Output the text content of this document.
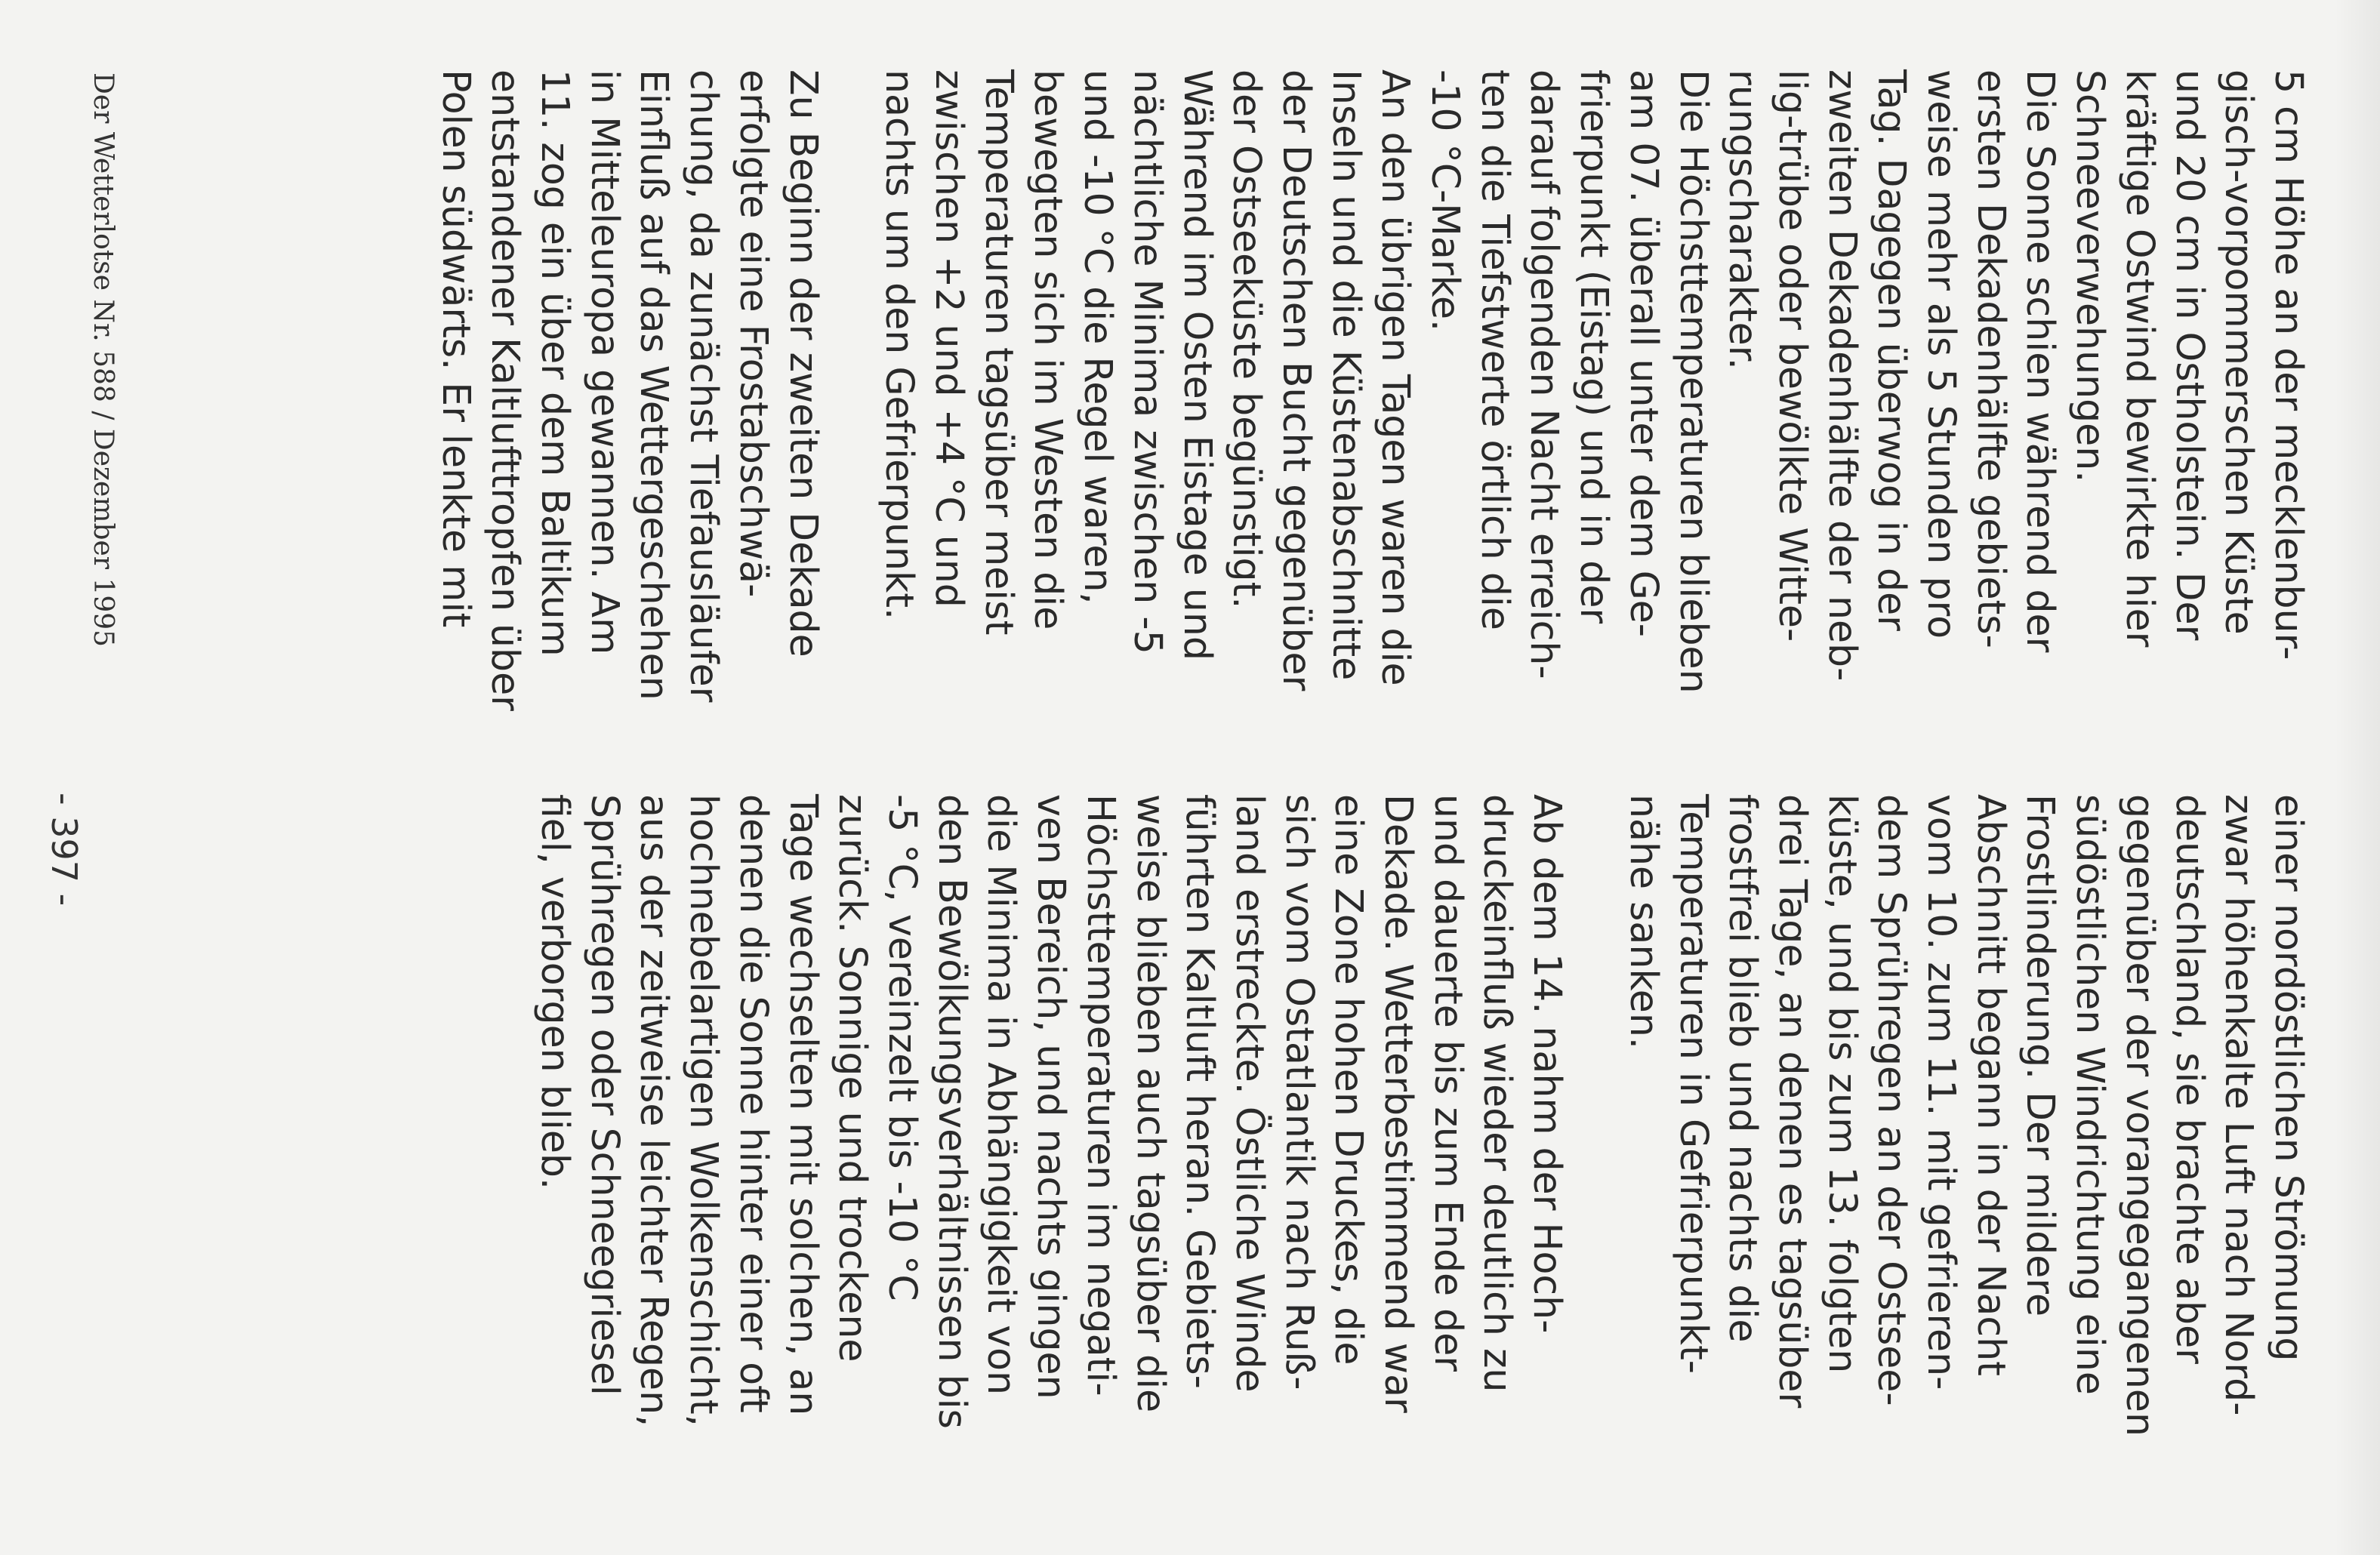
- 397 -

5 cm Höhe an der mecklenbur-
gisch-vorpommerschen Küste
und 20 cm in Ostholstein. Der
kräftige Ostwind bewirkte hier
Schneeverwehungen.
Die Sonne schien während der
ersten Dekadenhälfte gebiets-
weise mehr als 5 Stunden pro
Tag. Dagegen überwog in der
zweiten Dekadenhälfte der neb-
lig-trübe oder bewölkte Witte-
rungscharakter.
Die Höchsttemperaturen blieben
am 07. überall unter dem Ge-
frierpunkt (Eistag) und in der
darauf folgenden Nacht erreich-
ten die Tiefstwerte örtlich die
-10 °C-Marke.
An den übrigen Tagen waren die
Inseln und die Küstenabschnitte
der Deutschen Bucht gegenüber
der Ostseeküste begünstigt.
Während im Osten Eistage und
nächtliche Minima zwischen -5
und -10 °C die Regel waren,
bewegten sich im Westen die
Temperaturen tagsüber meist
zwischen +2 und +4 °C und
nachts um den Gefrierpunkt.

Zu Beginn der zweiten Dekade
erfolgte eine Frostabschwä-
chung, da zunächst Tiefausläufer
Einfluß auf das Wettergeschehen
in Mitteleuropa gewannen. Am
11. zog ein über dem Baltikum
entstandener Kaltlufttropfen über
Polen südwärts. Er lenkte mit

einer nordöstlichen Strömung
zwar höhenkalte Luft nach Nord-
deutschland, sie brachte aber
gegenüber der vorangegangenen
südöstlichen Windrichtung eine
Frostlinderung. Der mildere
Abschnitt begann in der Nacht
vom 10. zum 11. mit gefrieren-
dem Sprühregen an der Ostsee-
küste, und bis zum 13. folgten
drei Tage, an denen es tagsüber
frostfrei blieb und nachts die
Temperaturen in Gefrierpunkt-
nähe sanken.

Ab dem 14. nahm der Hoch-
druckeinfluß wieder deutlich zu
und dauerte bis zum Ende der
Dekade. Wetterbestimmend war
eine Zone hohen Druckes, die
sich vom Ostatlantik nach Ruß-
land erstreckte. Östliche Winde
führten Kaltluft heran. Gebiets-
weise blieben auch tagsüber die
Höchsttemperaturen im negati-
ven Bereich, und nachts gingen
die Minima in Abhängigkeit von
den Bewölkungsverhältnissen bis
-5 °C, vereinzelt bis -10 °C
zurück. Sonnige und trockene
Tage wechselten mit solchen, an
denen die Sonne hinter einer oft
hochnebelartigen Wolkenschicht,
aus der zeitweise leichter Regen,
Sprühregen oder Schneegriesel
fiel, verborgen blieb.

Der Wetterlotse Nr. 588 / Dezember 1995
